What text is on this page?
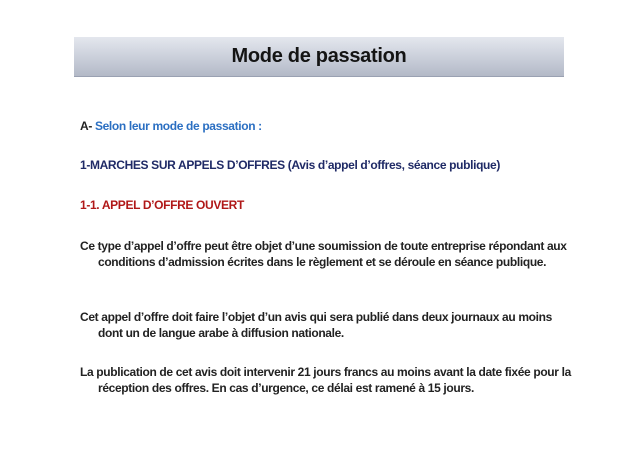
Mode de passation

A- Selon leur mode de passation :

1-MARCHES SUR APPELS D’OFFRES (Avis d’appel d’offres, séance publique)

1-1. APPEL D’OFFRE OUVERT

Ce type d’appel d’offre peut être objet d’une soumission de toute entreprise répondant aux conditions d’admission écrites dans le règlement et se déroule en séance publique.

Cet appel d’offre doit faire l’objet d’un avis qui sera publié dans deux journaux au moins dont un de langue arabe à diffusion nationale.

La publication de cet avis doit intervenir 21 jours francs au moins avant la date fixée pour la réception des offres. En cas d’urgence, ce délai est ramené à 15 jours.
